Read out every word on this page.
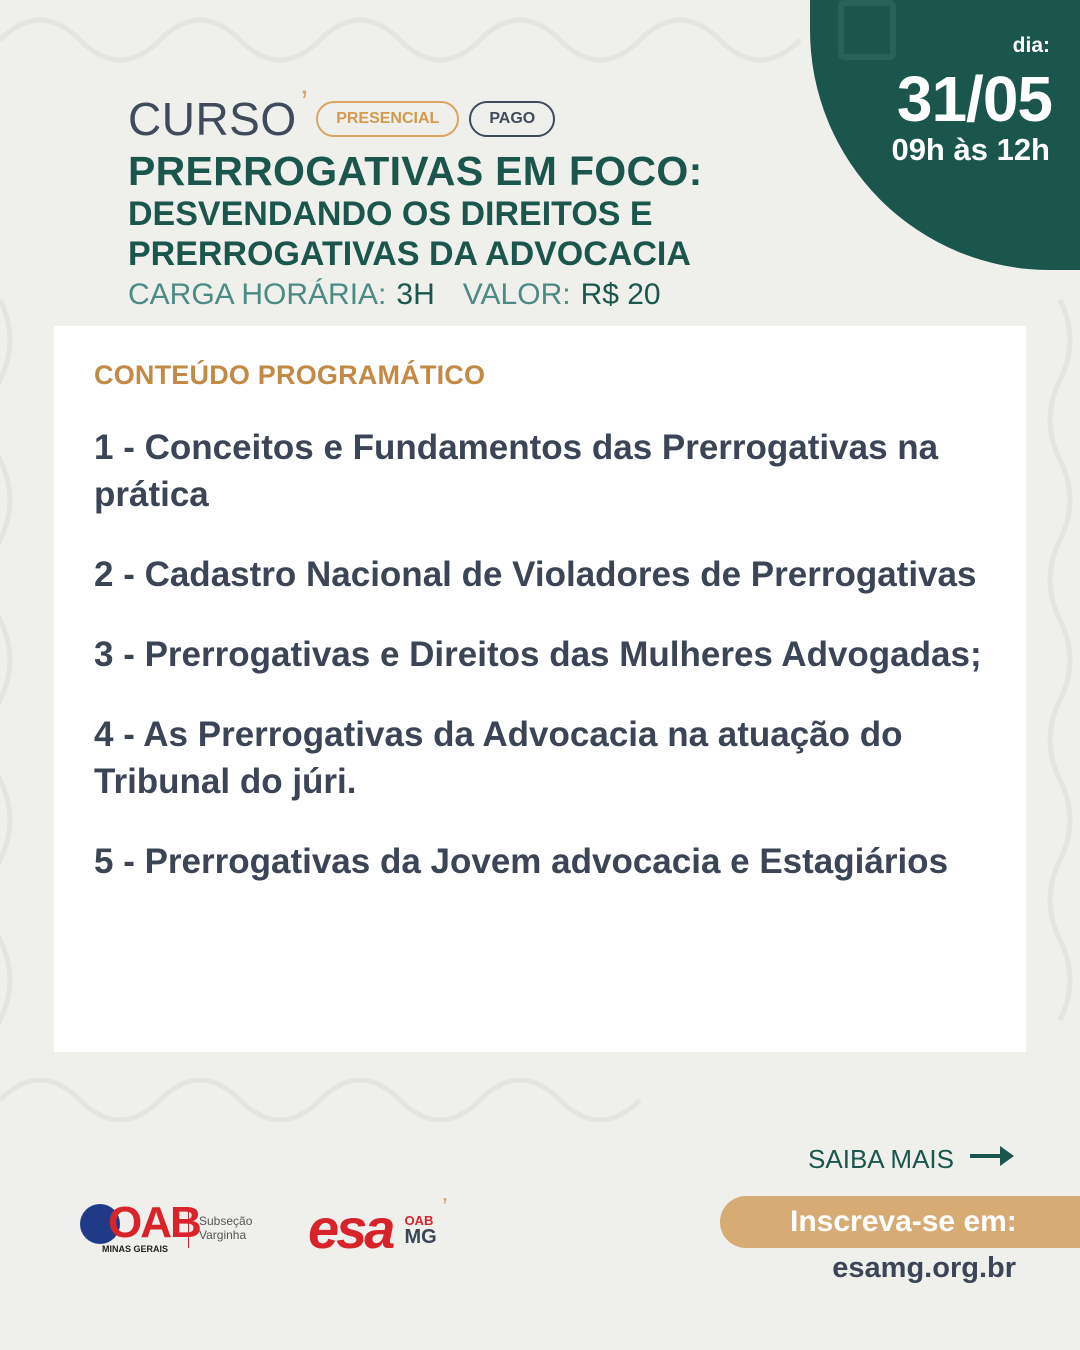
dia:
31/05
09h às 12h
CURSO ’	PRESENCIAL	PAGO
PRERROGATIVAS EM FOCO:
DESVENDANDO OS DIREITOS E PRERROGATIVAS DA ADVOCACIA
CARGA HORÁRIA: 3H VALOR: R$ 20
CONTEÚDO PROGRAMÁTICO
1 - Conceitos e Fundamentos das Prerrogativas na prática
2 - Cadastro Nacional de Violadores de Prerrogativas
3 - Prerrogativas e Direitos das Mulheres Advogadas;
4 - As Prerrogativas da Advocacia na atuação do Tribunal do júri.
5 - Prerrogativas da Jovem advocacia e Estagiários
SAIBA MAIS
Inscreva-se em:
esamg.org.br
OAB
MINAS GERAIS
Subseção
Varginha esa OAB
MG
’
